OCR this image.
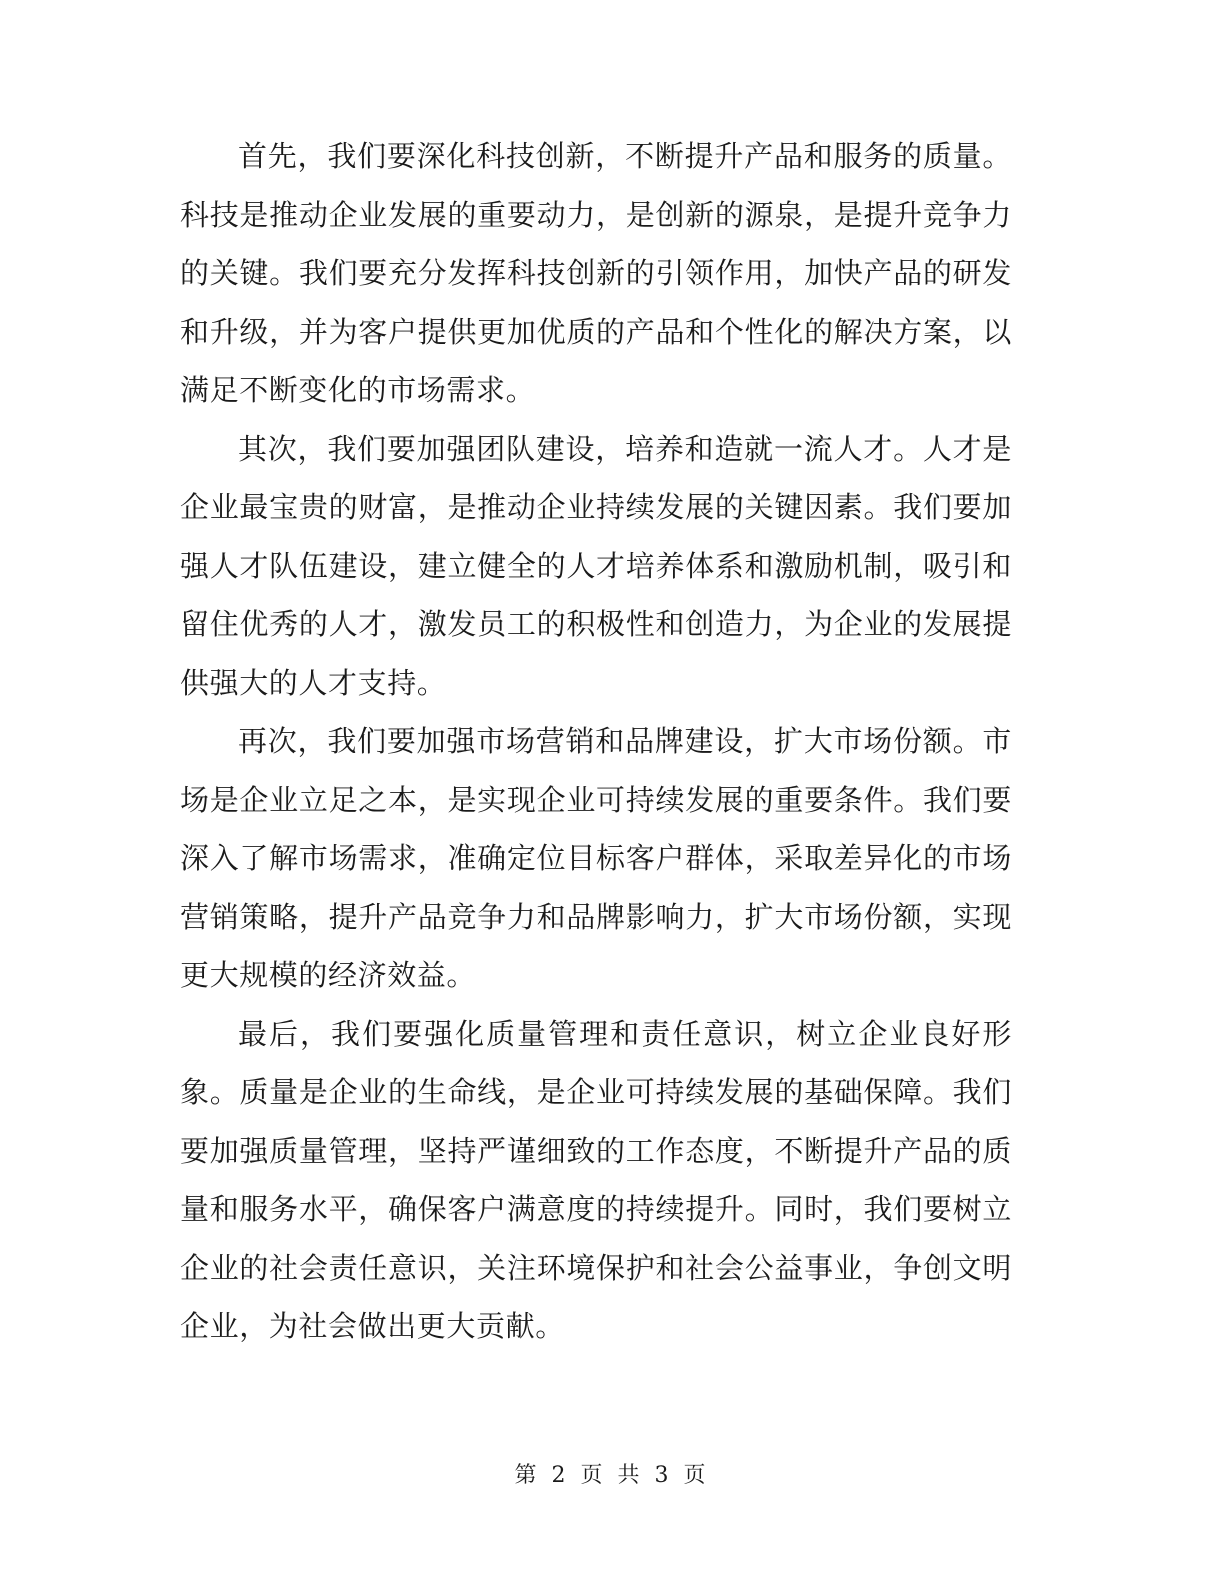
首先，我们要深化科技创新，不断提升产品和服务的质量。科技是推动企业发展的重要动力，是创新的源泉，是提升竞争力的关键。我们要充分发挥科技创新的引领作用，加快产品的研发和升级，并为客户提供更加优质的产品和个性化的解决方案，以满足不断变化的市场需求。

其次，我们要加强团队建设，培养和造就一流人才。人才是企业最宝贵的财富，是推动企业持续发展的关键因素。我们要加强人才队伍建设，建立健全的人才培养体系和激励机制，吸引和留住优秀的人才，激发员工的积极性和创造力，为企业的发展提供强大的人才支持。

再次，我们要加强市场营销和品牌建设，扩大市场份额。市场是企业立足之本，是实现企业可持续发展的重要条件。我们要深入了解市场需求，准确定位目标客户群体，采取差异化的市场营销策略，提升产品竞争力和品牌影响力，扩大市场份额，实现更大规模的经济效益。

最后，我们要强化质量管理和责任意识，树立企业良好形象。质量是企业的生命线，是企业可持续发展的基础保障。我们要加强质量管理，坚持严谨细致的工作态度，不断提升产品的质量和服务水平，确保客户满意度的持续提升。同时，我们要树立企业的社会责任意识，关注环境保护和社会公益事业，争创文明企业，为社会做出更大贡献。

第 2 页 共 3 页
